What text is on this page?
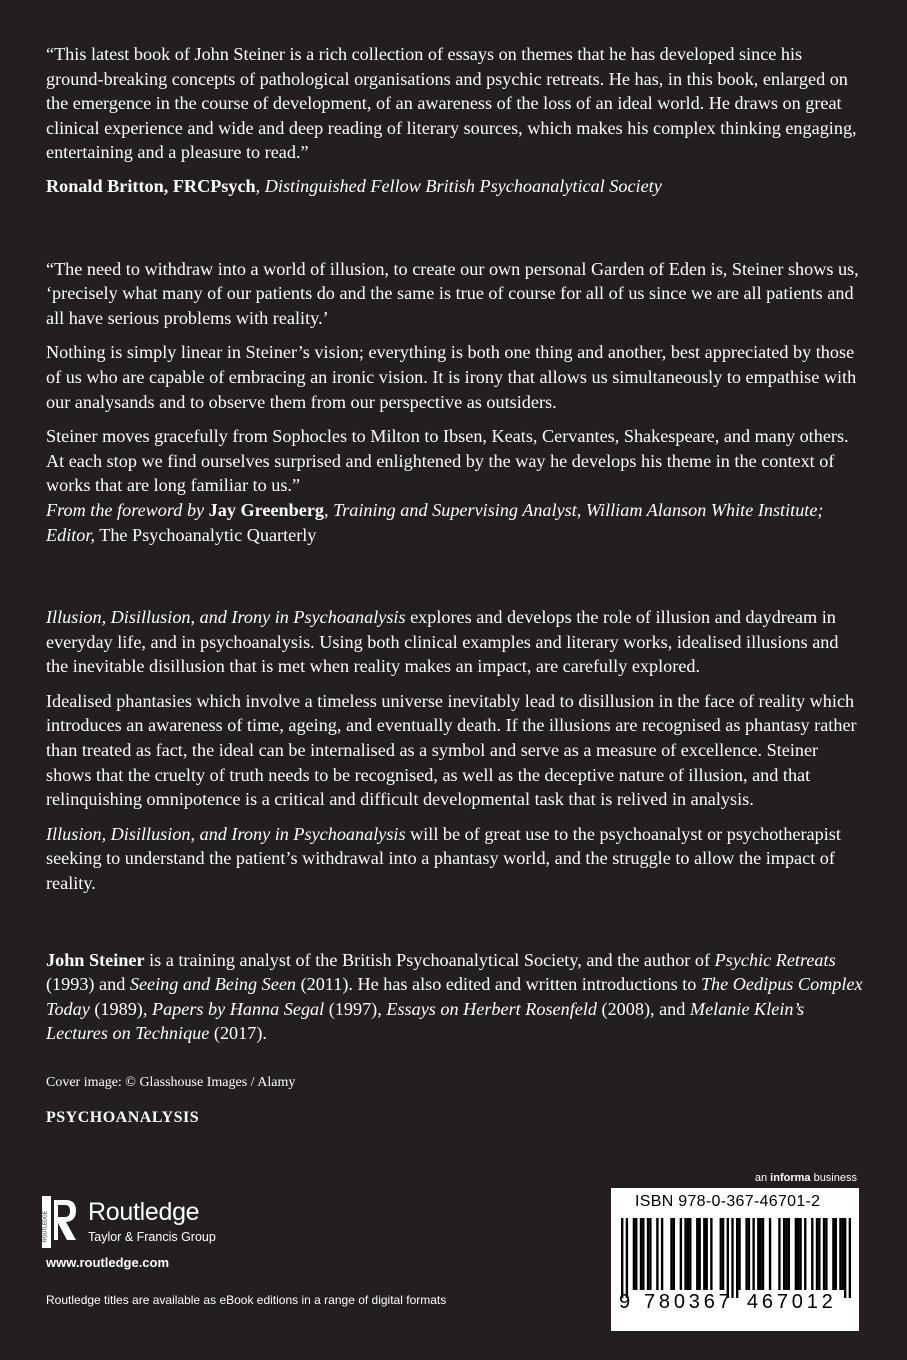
“This latest book of John Steiner is a rich collection of essays on themes that he has developed since his ground-breaking concepts of pathological organisations and psychic retreats. He has, in this book, enlarged on the emergence in the course of development, of an awareness of the loss of an ideal world. He draws on great clinical experience and wide and deep reading of literary sources, which makes his complex thinking engaging, entertaining and a pleasure to read.”

Ronald Britton, FRCPsych, Distinguished Fellow British Psychoanalytical Society

“The need to withdraw into a world of illusion, to create our own personal Garden of Eden is, Steiner shows us, ‘precisely what many of our patients do and the same is true of course for all of us since we are all patients and all have serious problems with reality.’

Nothing is simply linear in Steiner’s vision; everything is both one thing and another, best appreciated by those of us who are capable of embracing an ironic vision. It is irony that allows us simultaneously to empathise with our analysands and to observe them from our perspective as outsiders.

Steiner moves gracefully from Sophocles to Milton to Ibsen, Keats, Cervantes, Shakespeare, and many others. At each stop we find ourselves surprised and enlightened by the way he develops his theme in the context of works that are long familiar to us.”

From the foreword by Jay Greenberg, Training and Supervising Analyst, William Alanson White Institute; Editor, The Psychoanalytic Quarterly

Illusion, Disillusion, and Irony in Psychoanalysis explores and develops the role of illusion and daydream in everyday life, and in psychoanalysis. Using both clinical examples and literary works, idealised illusions and the inevitable disillusion that is met when reality makes an impact, are carefully explored.

Idealised phantasies which involve a timeless universe inevitably lead to disillusion in the face of reality which introduces an awareness of time, ageing, and eventually death. If the illusions are recognised as phantasy rather than treated as fact, the ideal can be internalised as a symbol and serve as a measure of excellence. Steiner shows that the cruelty of truth needs to be recognised, as well as the deceptive nature of illusion, and that relinquishing omnipotence is a critical and difficult developmental task that is relived in analysis.

Illusion, Disillusion, and Irony in Psychoanalysis will be of great use to the psychoanalyst or psychotherapist seeking to understand the patient’s withdrawal into a phantasy world, and the struggle to allow the impact of reality.

John Steiner is a training analyst of the British Psychoanalytical Society, and the author of Psychic Retreats (1993) and Seeing and Being Seen (2011). He has also edited and written introductions to The Oedipus Complex Today (1989), Papers by Hanna Segal (1997), Essays on Herbert Rosenfeld (2008), and Melanie Klein’s Lectures on Technique (2017).

Cover image: © Glasshouse Images / Alamy

PSYCHOANALYSIS

an informa business
ISBN 978-0-367-46701-2
9 780367 467012
ROUTLEDGE Routledge
Taylor & Francis Group
www.routledge.com
Routledge titles are available as eBook editions in a range of digital formats
